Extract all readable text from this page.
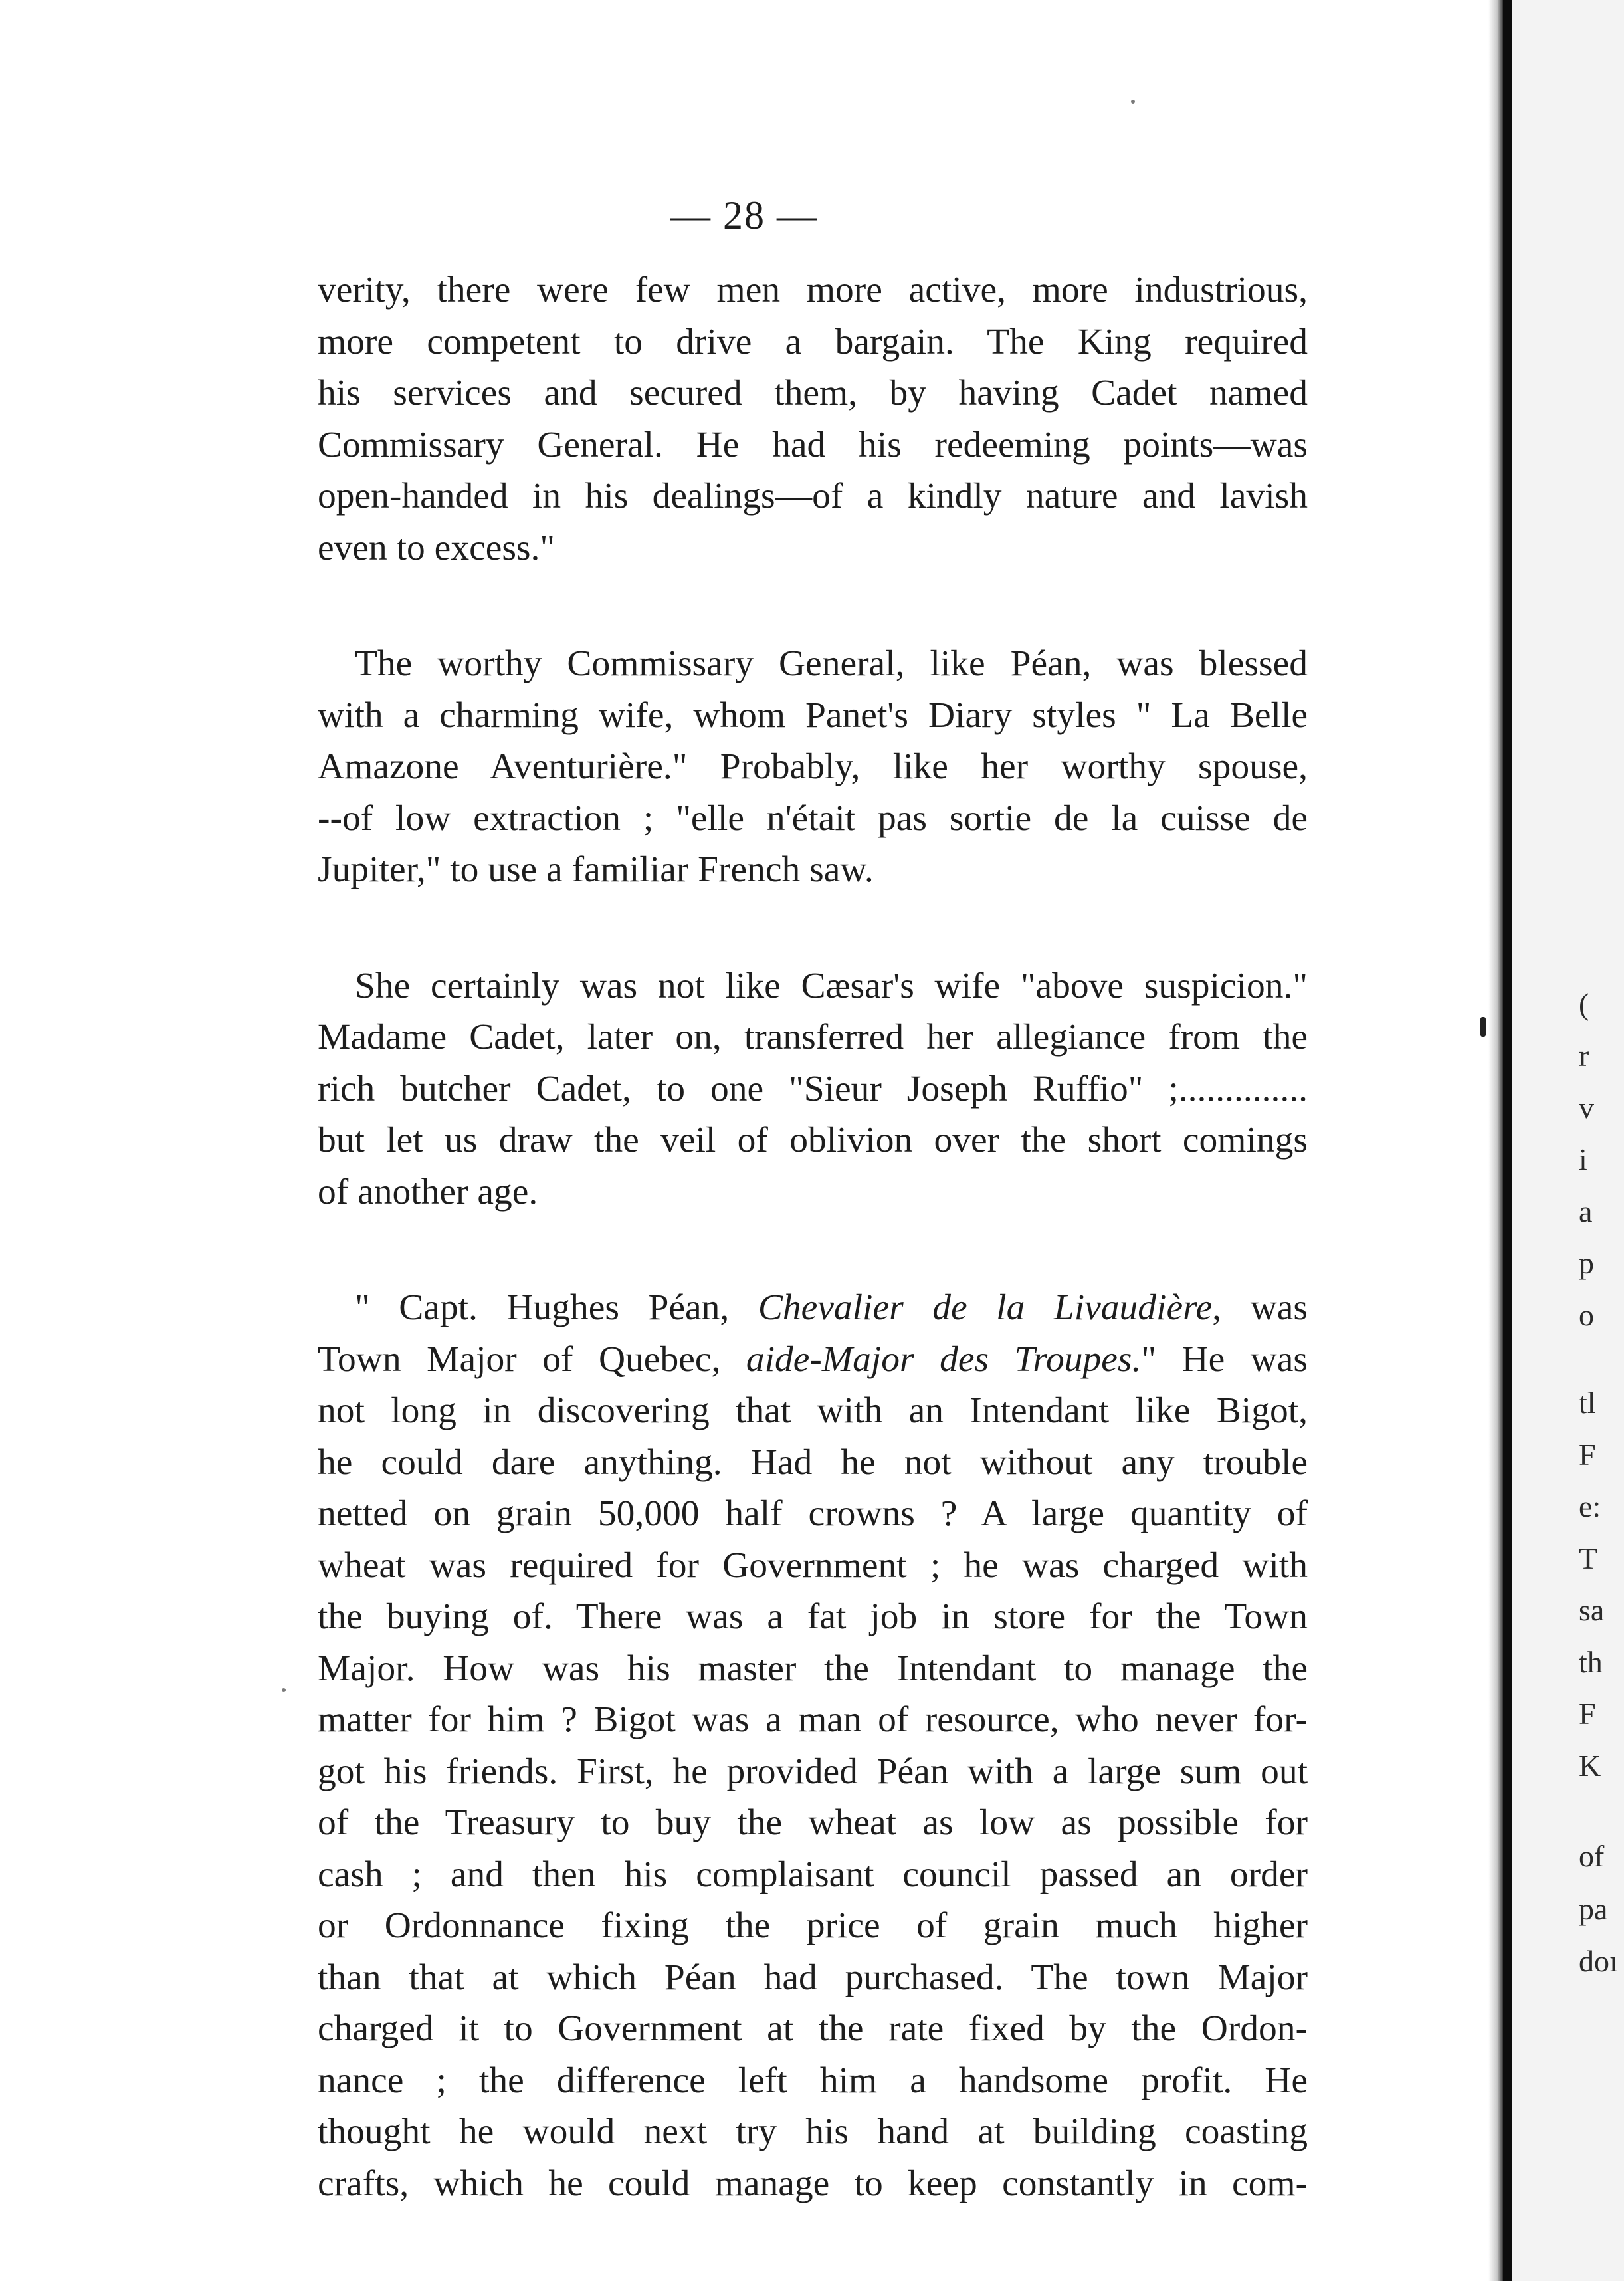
(
r
v
i
a
p
o
tl
F
e:
T
sa
th
F
K
of
pa
doı
— 28 —

verity, there were few men more active, more industrious,
more competent to drive a bargain. The King required
his services and secured them, by having Cadet named
Commissary General. He had his redeeming points—was
open-handed in his dealings—of a kindly nature and lavish
even to excess."

The worthy Commissary General, like Péan, was blessed
with a charming wife, whom Panet's Diary styles " La Belle
Amazone Aventurière." Probably, like her worthy spouse,
--of low extraction ; "elle n'était pas sortie de la cuisse de
Jupiter," to use a familiar French saw.

She certainly was not like Cæsar's wife "above suspicion."
Madame Cadet, later on, transferred her allegiance from the
rich butcher Cadet, to one "Sieur Joseph Ruffio" ;..............
but let us draw the veil of oblivion over the short comings
of another age.

" Capt. Hughes Péan, Chevalier de la Livaudière, was
Town Major of Quebec, aide-Major des Troupes." He was
not long in discovering that with an Intendant like Bigot,
he could dare anything. Had he not without any trouble
netted on grain 50,000 half crowns ? A large quantity of
wheat was required for Government ; he was charged with
the buying of. There was a fat job in store for the Town
Major. How was his master the Intendant to manage the
matter for him ? Bigot was a man of resource, who never for-
got his friends. First, he provided Péan with a large sum out
of the Treasury to buy the wheat as low as possible for
cash ; and then his complaisant council passed an order
or Ordonnance fixing the price of grain much higher
than that at which Péan had purchased. The town Major
charged it to Government at the rate fixed by the Ordon-
nance ; the difference left him a handsome profit. He
thought he would next try his hand at building coasting
crafts, which he could manage to keep constantly in com-
